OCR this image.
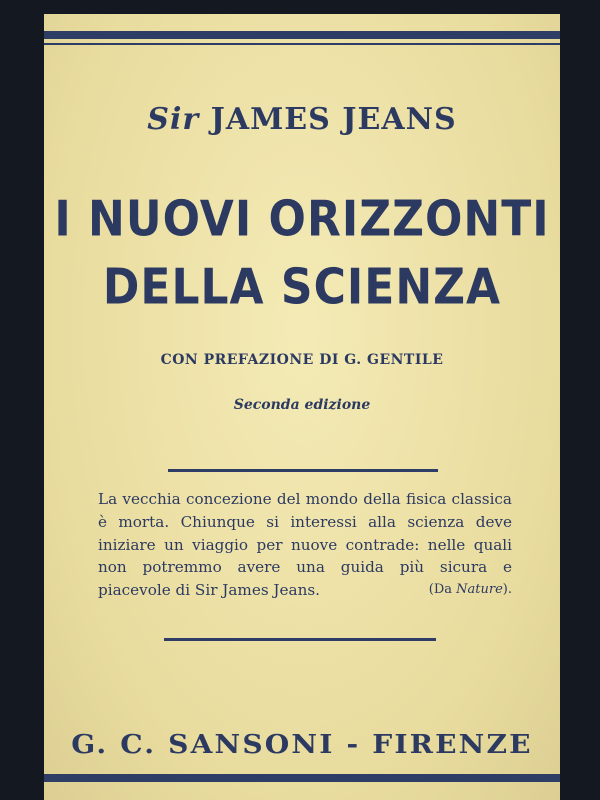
Sir JAMES JEANS
I NUOVI ORIZZONTI
DELLA SCIENZA
CON PREFAZIONE DI G. GENTILE
Seconda edizione
La vecchia concezione del mondo della fisica classica è morta. Chiunque si interessi alla scienza deve iniziare un viaggio per nuove contrade: nelle quali non potremmo avere una guida più sicura e piacevole di Sir James Jeans.	(Da Nature).
G. C. SANSONI - FIRENZE
